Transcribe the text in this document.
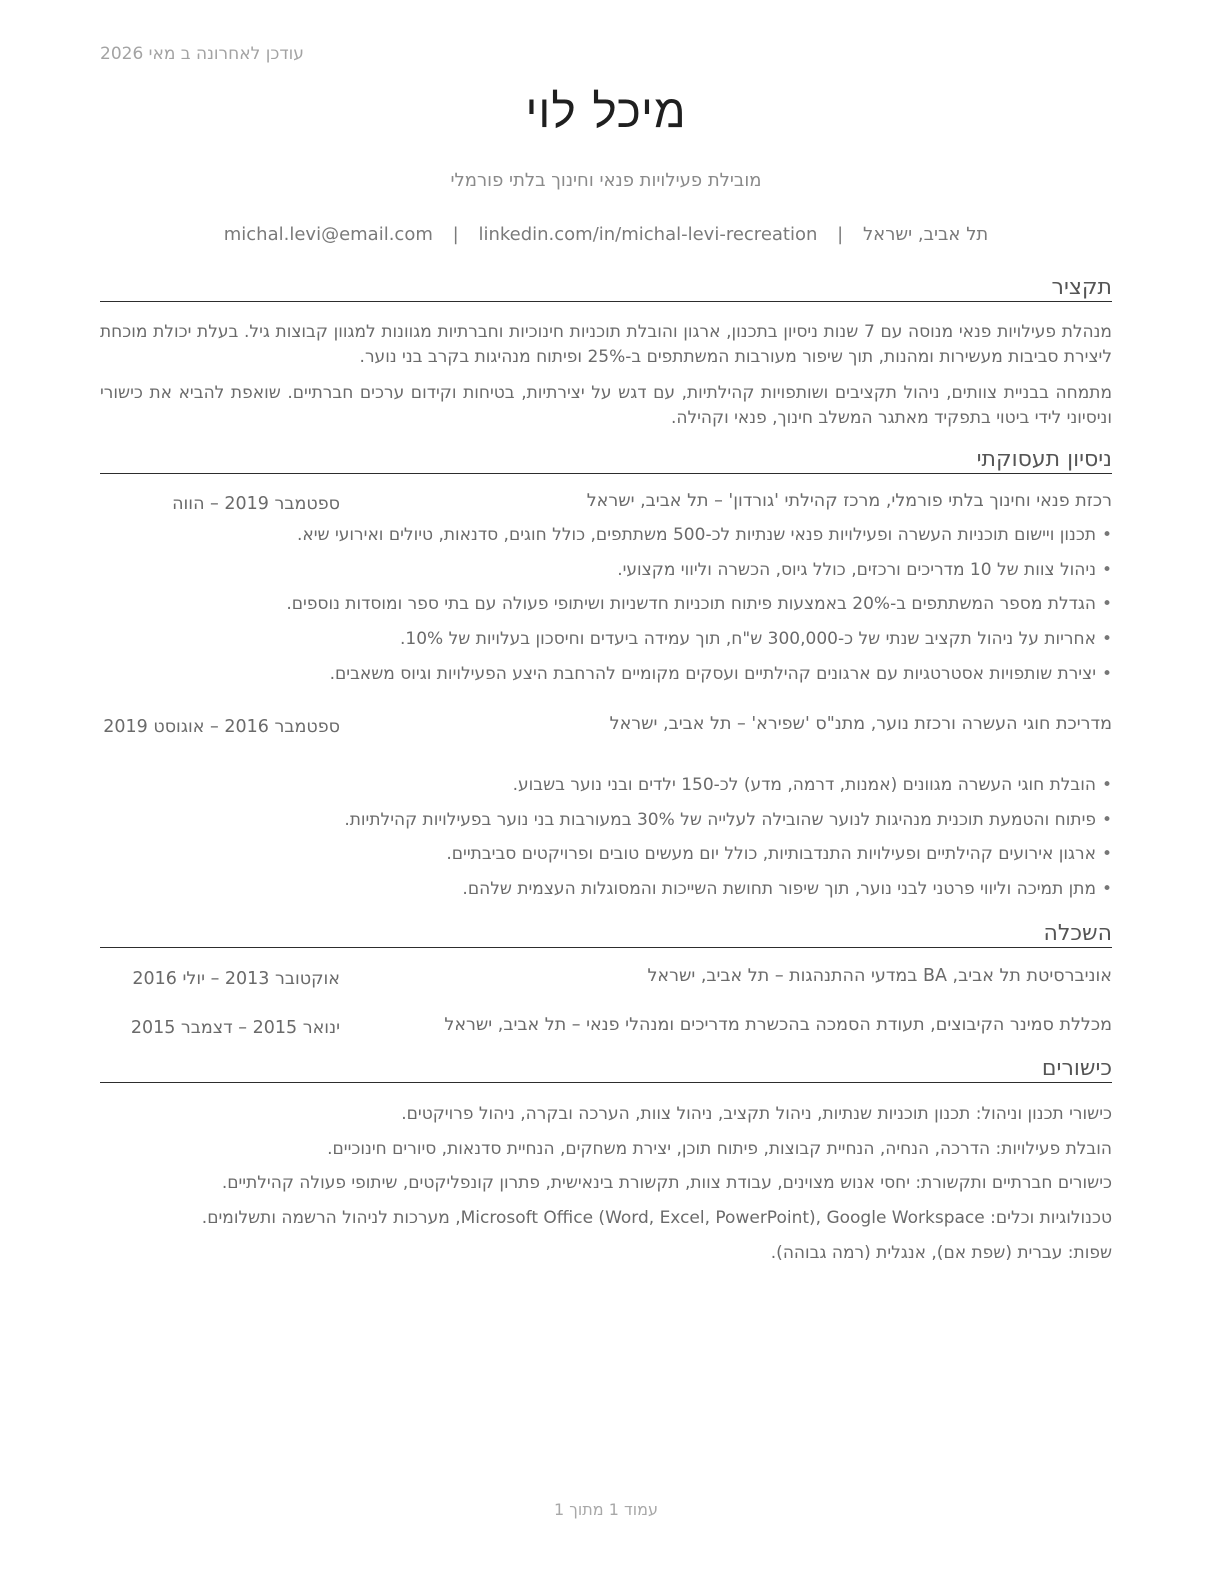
עודכן לאחרונה ב מאי 2026
מיכל לוי
מובילת פעילויות פנאי וחינוך בלתי פורמלי
תל אביב, ישראל | michal.levi@email.com | linkedin.com/in/michal-levi-recreation
תקציר
מנהלת פעילויות פנאי מנוסה עם 7 שנות ניסיון בתכנון, ארגון והובלת תוכניות חינוכיות וחברתיות מגוונות למגוון קבוצות גיל. בעלת יכולת מוכחת ליצירת סביבות מעשירות ומהנות, תוך שיפור מעורבות המשתתפים ב-25% ופיתוח מנהיגות בקרב בני נוער.
מתמחה בבניית צוותים, ניהול תקציבים ושותפויות קהילתיות, עם דגש על יצירתיות, בטיחות וקידום ערכים חברתיים. שואפת להביא את כישורי וניסיוני לידי ביטוי בתפקיד מאתגר המשלב חינוך, פנאי וקהילה.
ניסיון תעסוקתי
רכזת פנאי וחינוך בלתי פורמלי, מרכז קהילתי 'גורדון' – תל אביב, ישראל
ספטמבר 2019 – הווה
• תכנון ויישום תוכניות העשרה ופעילויות פנאי שנתיות לכ-500 משתתפים, כולל חוגים, סדנאות, טיולים ואירועי שיא.
• ניהול צוות של 10 מדריכים ורכזים, כולל גיוס, הכשרה וליווי מקצועי.
• הגדלת מספר המשתתפים ב-20% באמצעות פיתוח תוכניות חדשניות ושיתופי פעולה עם בתי ספר ומוסדות נוספים.
• אחריות על ניהול תקציב שנתי של כ-300,000 ש"ח, תוך עמידה ביעדים וחיסכון בעלויות של 10%.
• יצירת שותפויות אסטרטגיות עם ארגונים קהילתיים ועסקים מקומיים להרחבת היצע הפעילויות וגיוס משאבים.
מדריכת חוגי העשרה ורכזת נוער, מתנ"ס 'שפירא' – תל אביב, ישראל
ספטמבר 2016 – אוגוסט 2019
• הובלת חוגי העשרה מגוונים (אמנות, דרמה, מדע) לכ-150 ילדים ובני נוער בשבוע.
• פיתוח והטמעת תוכנית מנהיגות לנוער שהובילה לעלייה של 30% במעורבות בני נוער בפעילויות קהילתיות.
• ארגון אירועים קהילתיים ופעילויות התנדבותיות, כולל יום מעשים טובים ופרויקטים סביבתיים.
• מתן תמיכה וליווי פרטני לבני נוער, תוך שיפור תחושת השייכות והמסוגלות העצמית שלהם.
השכלה
אוניברסיטת תל אביב, BA במדעי ההתנהגות – תל אביב, ישראל
אוקטובר 2013 – יולי 2016
מכללת סמינר הקיבוצים, תעודת הסמכה בהכשרת מדריכים ומנהלי פנאי – תל אביב, ישראל
ינואר 2015 – דצמבר 2015
כישורים
כישורי תכנון וניהול: תכנון תוכניות שנתיות, ניהול תקציב, ניהול צוות, הערכה ובקרה, ניהול פרויקטים.
הובלת פעילויות: הדרכה, הנחיה, הנחיית קבוצות, פיתוח תוכן, יצירת משחקים, הנחיית סדנאות, סיורים חינוכיים.
כישורים חברתיים ותקשורת: יחסי אנוש מצוינים, עבודת צוות, תקשורת בינאישית, פתרון קונפליקטים, שיתופי פעולה קהילתיים.
טכנולוגיות וכלים: Microsoft Office (Word, Excel, PowerPoint), Google Workspace, מערכות לניהול הרשמה ותשלומים.
שפות: עברית (שפת אם), אנגלית (רמה גבוהה).
עמוד 1 מתוך 1
